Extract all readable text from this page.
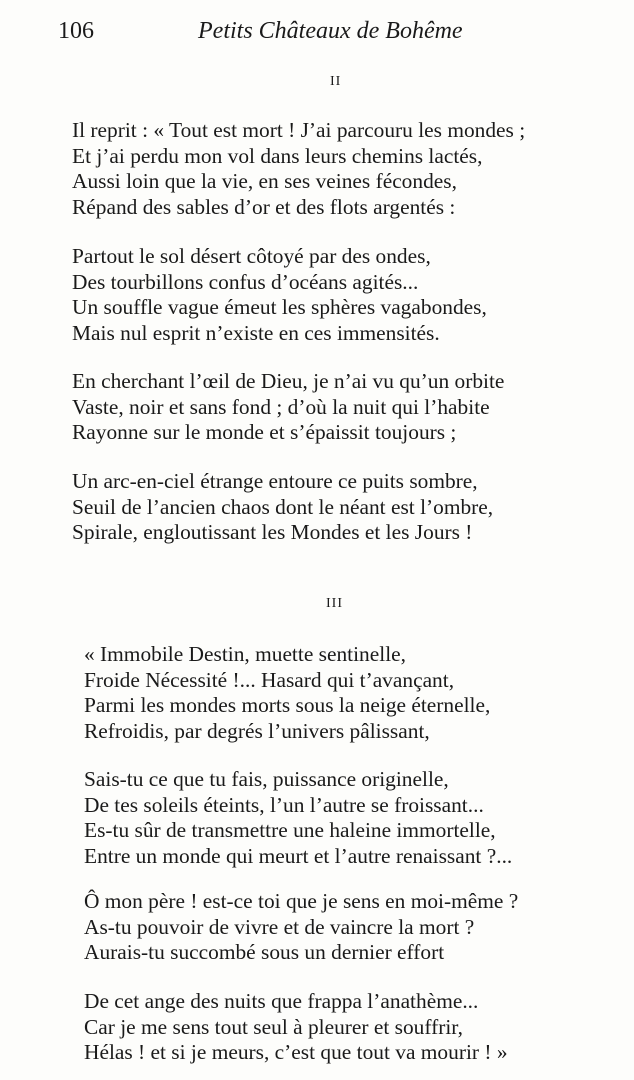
106	Petits Châteaux de Bohême
II
Il reprit : « Tout est mort ! J’ai parcouru les mondes ;
Et j’ai perdu mon vol dans leurs chemins lactés,
Aussi loin que la vie, en ses veines fécondes,
Répand des sables d’or et des flots argentés :
Partout le sol désert côtoyé par des ondes,
Des tourbillons confus d’océans agités...
Un souffle vague émeut les sphères vagabondes,
Mais nul esprit n’existe en ces immensités.
En cherchant l’œil de Dieu, je n’ai vu qu’un orbite
Vaste, noir et sans fond ; d’où la nuit qui l’habite
Rayonne sur le monde et s’épaissit toujours ;
Un arc-en-ciel étrange entoure ce puits sombre,
Seuil de l’ancien chaos dont le néant est l’ombre,
Spirale, engloutissant les Mondes et les Jours !
III
« Immobile Destin, muette sentinelle,
Froide Nécessité !... Hasard qui t’avançant,
Parmi les mondes morts sous la neige éternelle,
Refroidis, par degrés l’univers pâlissant,
Sais-tu ce que tu fais, puissance originelle,
De tes soleils éteints, l’un l’autre se froissant...
Es-tu sûr de transmettre une haleine immortelle,
Entre un monde qui meurt et l’autre renaissant ?...
Ô mon père ! est-ce toi que je sens en moi-même ?
As-tu pouvoir de vivre et de vaincre la mort ?
Aurais-tu succombé sous un dernier effort
De cet ange des nuits que frappa l’anathème...
Car je me sens tout seul à pleurer et souffrir,
Hélas ! et si je meurs, c’est que tout va mourir ! »
